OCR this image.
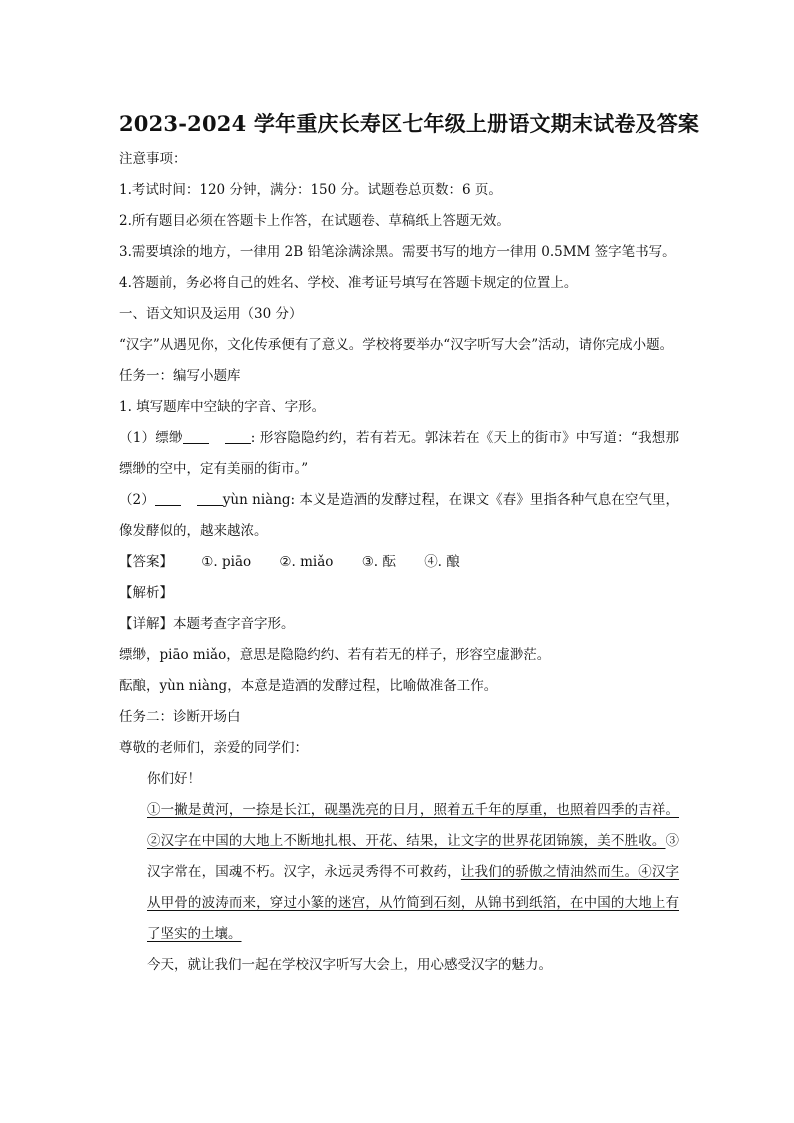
2023-2024 学年重庆长寿区七年级上册语文期末试卷及答案

注意事项：

1.考试时间：120 分钟，满分：150 分。试题卷总页数：6 页。

2.所有题目必须在答题卡上作答，在试题卷、草稿纸上答题无效。

3.需要填涂的地方，一律用 2B 铅笔涂满涂黑。需要书写的地方一律用 0.5MM 签字笔书写。

4.答题前，务必将自己的姓名、学校、准考证号填写在答题卡规定的位置上。

一、语文知识及运用（30 分）

“汉字”从遇见你，文化传承便有了意义。学校将要举办“汉字听写大会”活动，请你完成小题。

任务一：编写小题库

1. 填写题库中空缺的字音、字形。

（1）缥缈	: 形容隐隐约约，若有若无。郭沫若在《天上的街市》中写道：“我想那缥缈的空中，定有美丽的街市。”

（2）	yùn niàng: 本义是造酒的发酵过程，在课文《春》里指各种气息在空气里，像发酵似的，越来越浓。

【答案】 ①. piāo ②. miǎo ③. 酝 ④. 酿

【解析】

【详解】本题考查字音字形。

缥缈，piāo miǎo，意思是隐隐约约、若有若无的样子，形容空虚渺茫。

酝酿，yùn niàng，本意是造酒的发酵过程，比喻做准备工作。

任务二：诊断开场白

尊敬的老师们，亲爱的同学们：

你们好！

①一撇是黄河，一捺是长江，砚墨洗亮的日月，照着五千年的厚重，也照着四季的吉祥。②汉字在中国的大地上不断地扎根、开花、结果，让文字的世界花团锦簇，美不胜收。③汉字常在，国魂不朽。汉字，永远灵秀得不可救药，让我们的骄傲之情油然而生。④汉字从甲骨的波涛而来，穿过小篆的迷宫，从竹简到石刻，从锦书到纸箔，在中国的大地上有了坚实的土壤。

今天，就让我们一起在学校汉字听写大会上，用心感受汉字的魅力。
